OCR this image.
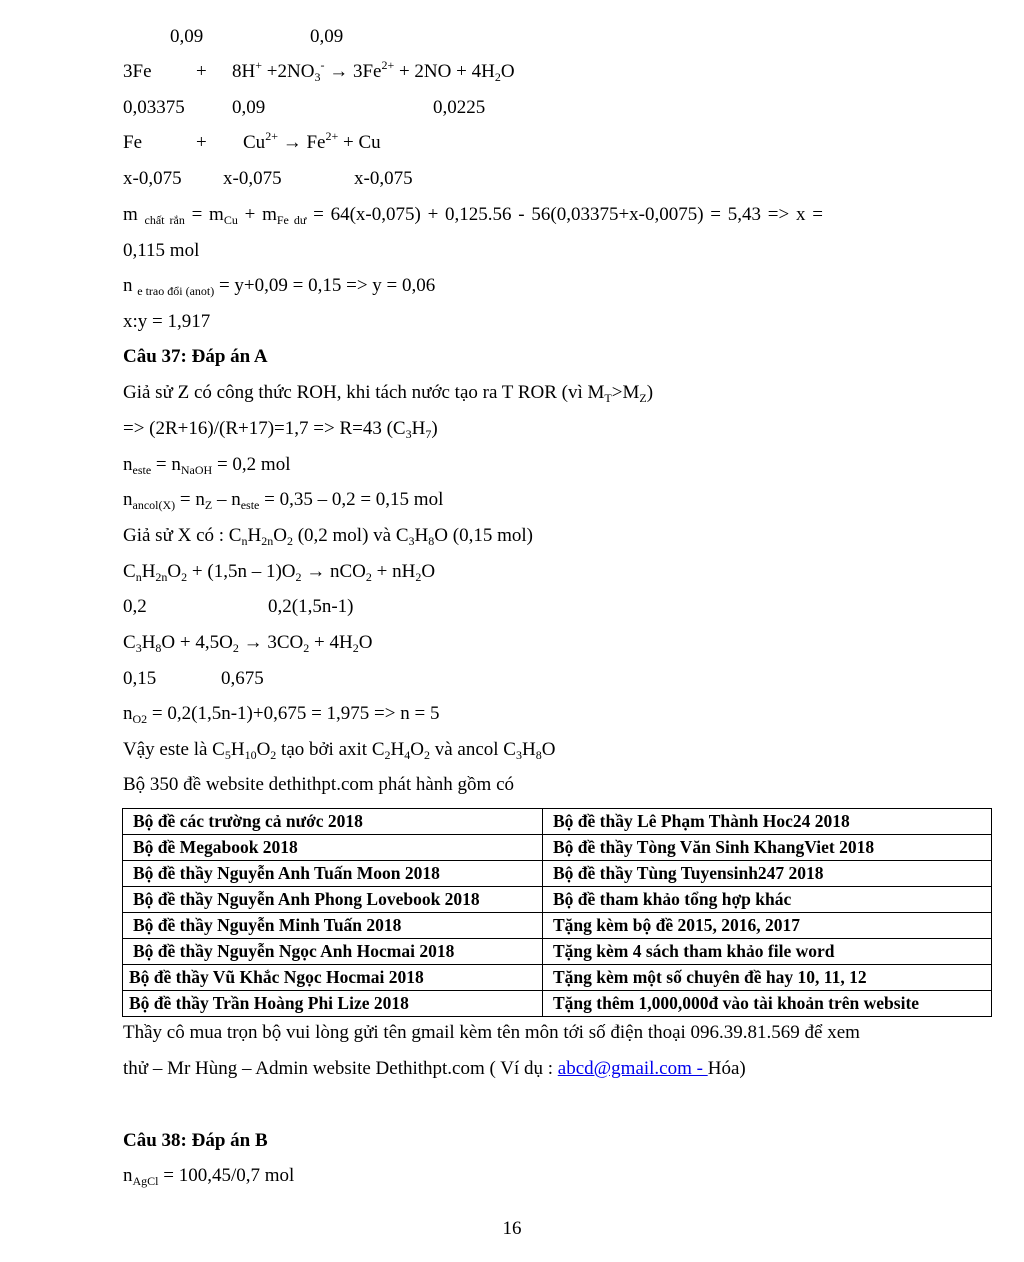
0,09	0,09
$3Fe + 8H^+ +2NO_3^- \to 3Fe^{2+} + 2NO + 4H_2O$
0,03375 0,09	0,0225
Fe	+ $Cu^{2+} \to Fe^{2+} + Cu$
x-0,075 x-0,075	x-0,075
m $_{chất rắn} = m_{Cu} + m_{Fe dư} = 64(x-0,075) + 0,125.56 - 56(0,03375+x-0,0075) = 5,43 => x$ =
0,115 mol
n $_{e trao đổi (anot)}$ = y+0,09 = 0,15 => y = 0,06
x:y = 1,917
Câu 37: Đáp án A
Giả sử Z có công thức ROH, khi tách nước tạo ra T ROR (vì $M_T>M_Z$)
=> (2R+16)/(R+17)=1,7 => R=43 $(C_3H_7)$
$n_{este} = n_{NaOH} = 0,2$ mol
$n_{ancol(X)} = n_Z - n_{este} = 0,35 - 0,2 = 0,15$ mol
Giả sử X có : $C_nH_{2n}O_2$ (0,2 mol) và $C_3H_8O$ (0,15 mol)
$C_nH_{2n}O_2 + (1,5n - 1)O_2 \to nCO_2 + nH_2O$
0,2	0,2(1,5n-1)
$C_3H_8O + 4,5O_2 \to 3CO_2 + 4H_2O$
0,15	0,675
$n_{O2} = 0,2(1,5n-1)+0,675 = 1,975 => n = 5$
Vậy este là $C_5H_{10}O_2$ tạo bởi axit $C_2H_4O_2$ và ancol $C_3H_8O$
Bộ 350 đề website dethithpt.com phát hành gồm có
Bộ đề các trường cả nước 2018	Bộ đề thầy Lê Phạm Thành Hoc24 2018
Bộ đề Megabook 2018	Bộ đề thầy Tòng Văn Sinh KhangViet 2018
Bộ đề thầy Nguyễn Anh Tuấn Moon 2018	Bộ đề thầy Tùng Tuyensinh247 2018
Bộ đề thầy Nguyễn Anh Phong Lovebook 2018	Bộ đề tham khảo tổng hợp khác
Bộ đề thầy Nguyễn Minh Tuấn 2018	Tặng kèm bộ đề 2015, 2016, 2017
Bộ đề thầy Nguyễn Ngọc Anh Hocmai 2018	Tặng kèm 4 sách tham khảo file word
Bộ đề thầy Vũ Khắc Ngọc Hocmai 2018	Tặng kèm một số chuyên đề hay 10, 11, 12
Bộ đề thầy Trần Hoàng Phi Lize 2018	Tặng thêm 1,000,000đ vào tài khoản trên website
Thầy cô mua trọn bộ vui lòng gửi tên gmail kèm tên môn tới số điện thoại 096.39.81.569 để xem
thử – Mr Hùng – Admin website Dethithpt.com ( Ví dụ : abcd@gmail.com - Hóa)
Câu 38: Đáp án B
$n_{AgCl} = 100,45/0,7$ mol
16
